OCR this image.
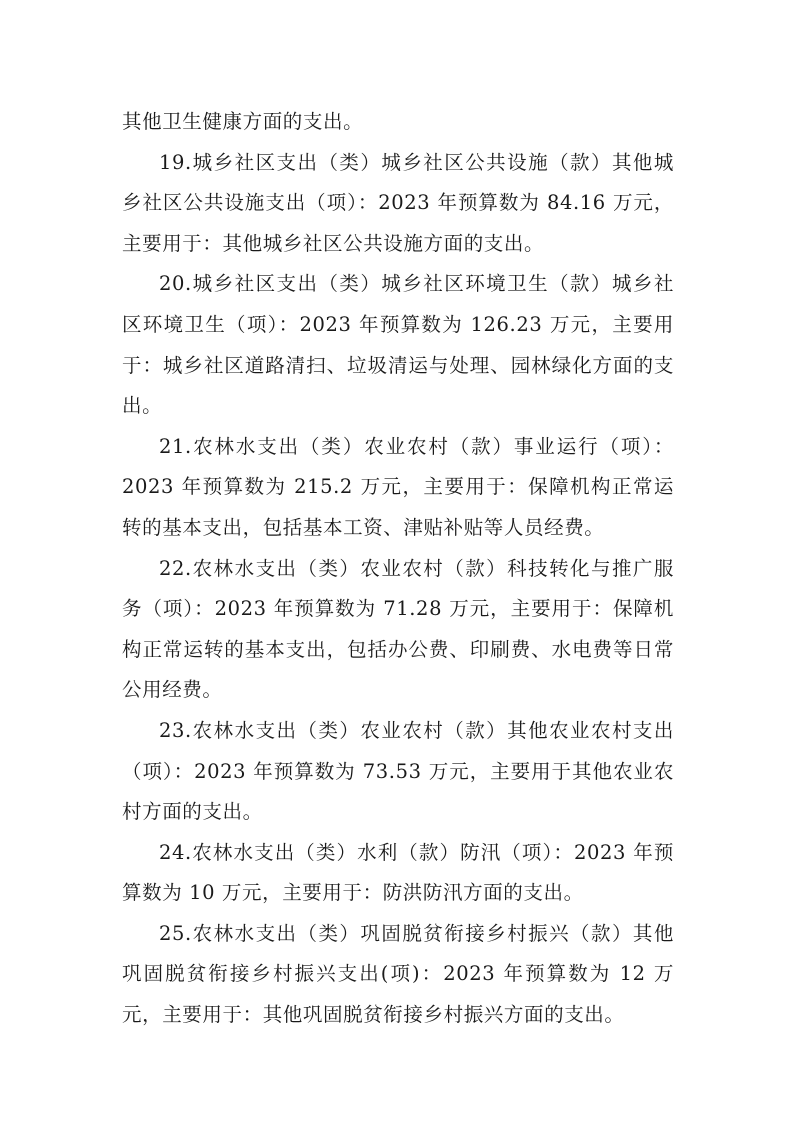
其他卫生健康方面的支出。

19.城乡社区支出（类）城乡社区公共设施（款）其他城乡社区公共设施支出（项）：2023 年预算数为 84.16 万元，主要用于：其他城乡社区公共设施方面的支出。

20.城乡社区支出（类）城乡社区环境卫生（款）城乡社区环境卫生（项）：2023 年预算数为 126.23 万元，主要用于：城乡社区道路清扫、垃圾清运与处理、园林绿化方面的支出。

21.农林水支出（类）农业农村（款）事业运行（项）：2023 年预算数为 215.2 万元，主要用于：保障机构正常运转的基本支出，包括基本工资、津贴补贴等人员经费。

22.农林水支出（类）农业农村（款）科技转化与推广服务（项）：2023 年预算数为 71.28 万元，主要用于：保障机构正常运转的基本支出，包括办公费、印刷费、水电费等日常公用经费。

23.农林水支出（类）农业农村（款）其他农业农村支出（项）：2023 年预算数为 73.53 万元，主要用于其他农业农村方面的支出。

24.农林水支出（类）水利（款）防汛（项）：2023 年预算数为 10 万元，主要用于：防洪防汛方面的支出。

25.农林水支出（类）巩固脱贫衔接乡村振兴（款）其他巩固脱贫衔接乡村振兴支出(项)：2023 年预算数为 12 万元，主要用于：其他巩固脱贫衔接乡村振兴方面的支出。
